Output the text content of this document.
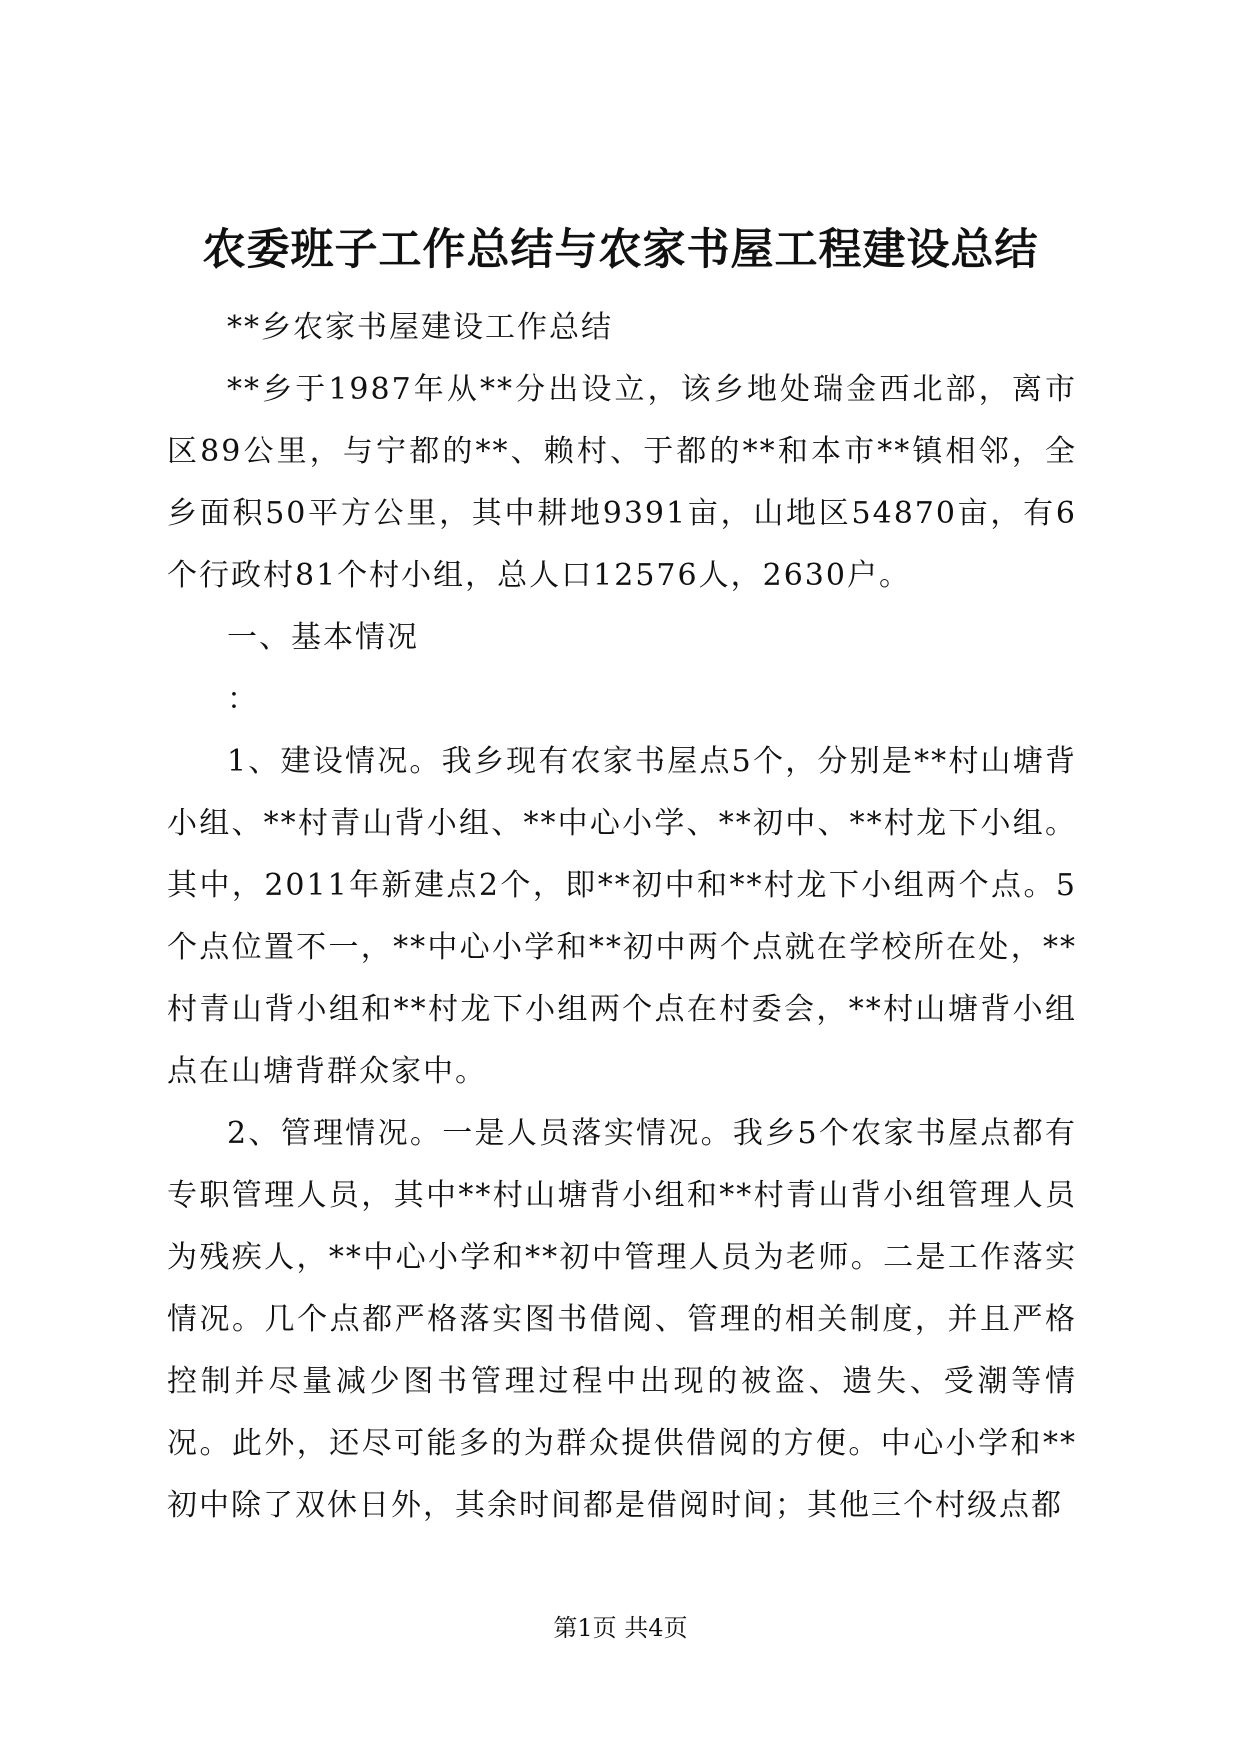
农委班子工作总结与农家书屋工程建设总结

**乡农家书屋建设工作总结

**乡于1987年从**分出设立，该乡地处瑞金西北部，离市区89公里，与宁都的**、赖村、于都的**和本市**镇相邻，全乡面积50平方公里，其中耕地9391亩，山地区54870亩，有6个行政村81个村小组，总人口12576人，2630户。

一、基本情况

：

1、建设情况。我乡现有农家书屋点5个，分别是**村山塘背小组、**村青山背小组、**中心小学、**初中、**村龙下小组。其中，2011年新建点2个，即**初中和**村龙下小组两个点。5个点位置不一，**中心小学和**初中两个点就在学校所在处，**村青山背小组和**村龙下小组两个点在村委会，**村山塘背小组点在山塘背群众家中。

2、管理情况。一是人员落实情况。我乡5个农家书屋点都有专职管理人员，其中**村山塘背小组和**村青山背小组管理人员为残疾人，**中心小学和**初中管理人员为老师。二是工作落实情况。几个点都严格落实图书借阅、管理的相关制度，并且严格控制并尽量减少图书管理过程中出现的被盗、遗失、受潮等情况。此外，还尽可能多的为群众提供借阅的方便。中心小学和**初中除了双休日外，其余时间都是借阅时间；其他三个村级点都

第1页 共4页
